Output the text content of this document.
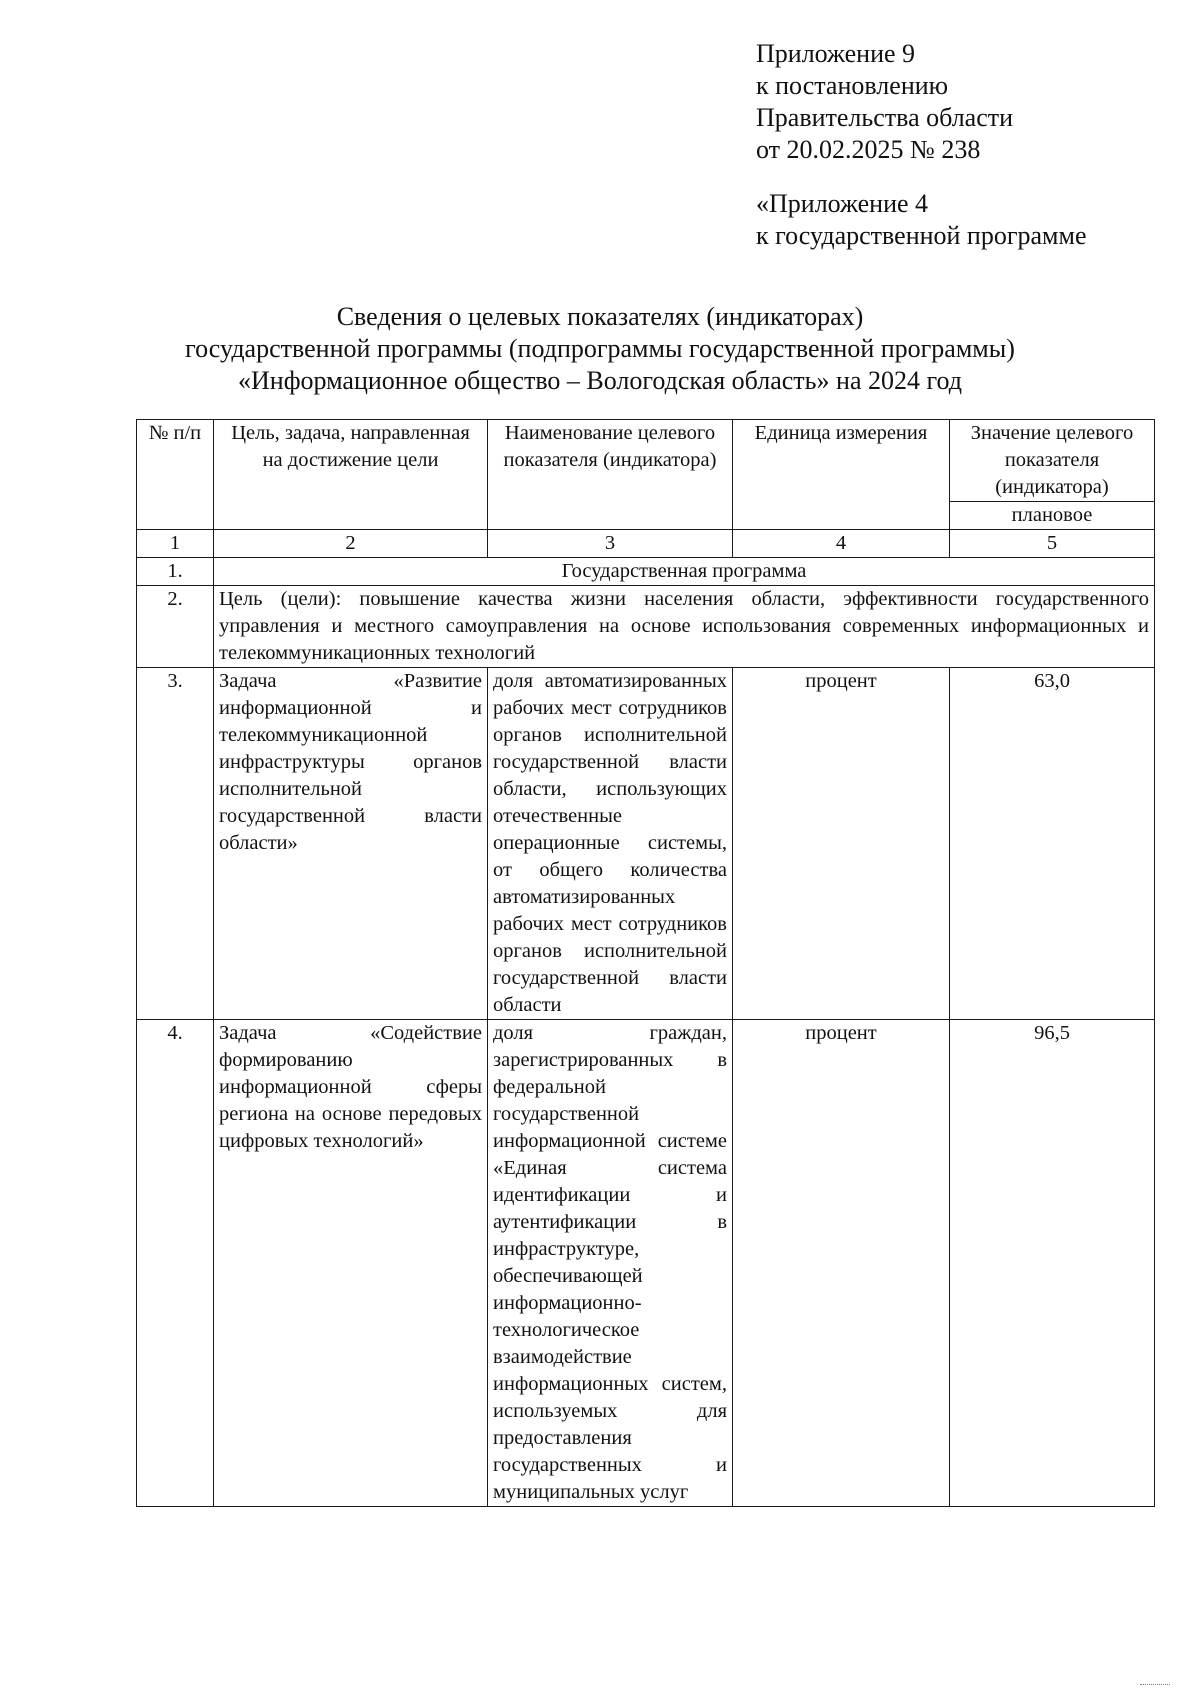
Приложение 9
к постановлению
Правительства области
от 20.02.2025 № 238
«Приложение 4
к государственной программе
Сведения о целевых показателях (индикаторах)
государственной программы (подпрограммы государственной программы)
«Информационное общество – Вологодская область» на 2024 год
№ п/п	Цель, задача, направленная на достижение цели	Наименование целевого показателя (индикатора)	Единица измерения	Значение целевого показателя (индикатора)
				плановое
1	2	3	4	5
1.	Государственная программа			
2.	Цель (цели): повышение качества жизни населения области, эффективности государственного управления и местного самоуправления на основе использования современных информационных и телекоммуникационных технологий			
3.	Задача «Развитие информационной и телекоммуникационной инфраструктуры органов исполнительной государственной власти области»	доля автоматизированных рабочих мест сотрудников органов исполнительной государственной власти области, использующих отечественные операционные системы, от общего количества автоматизированных рабочих мест сотрудников органов исполнительной государственной власти области	процент	63,0
4.	Задача «Содействие формированию информационной сферы региона на основе передовых цифровых технологий»	доля граждан, зарегистрированных в федеральной государственной информационной системе «Единая система идентификации и аутентификации в инфраструктуре, обеспечивающей информационно-технологическое взаимодействие информационных систем, используемых для предоставления государственных и муниципальных услуг	процент	96,5
